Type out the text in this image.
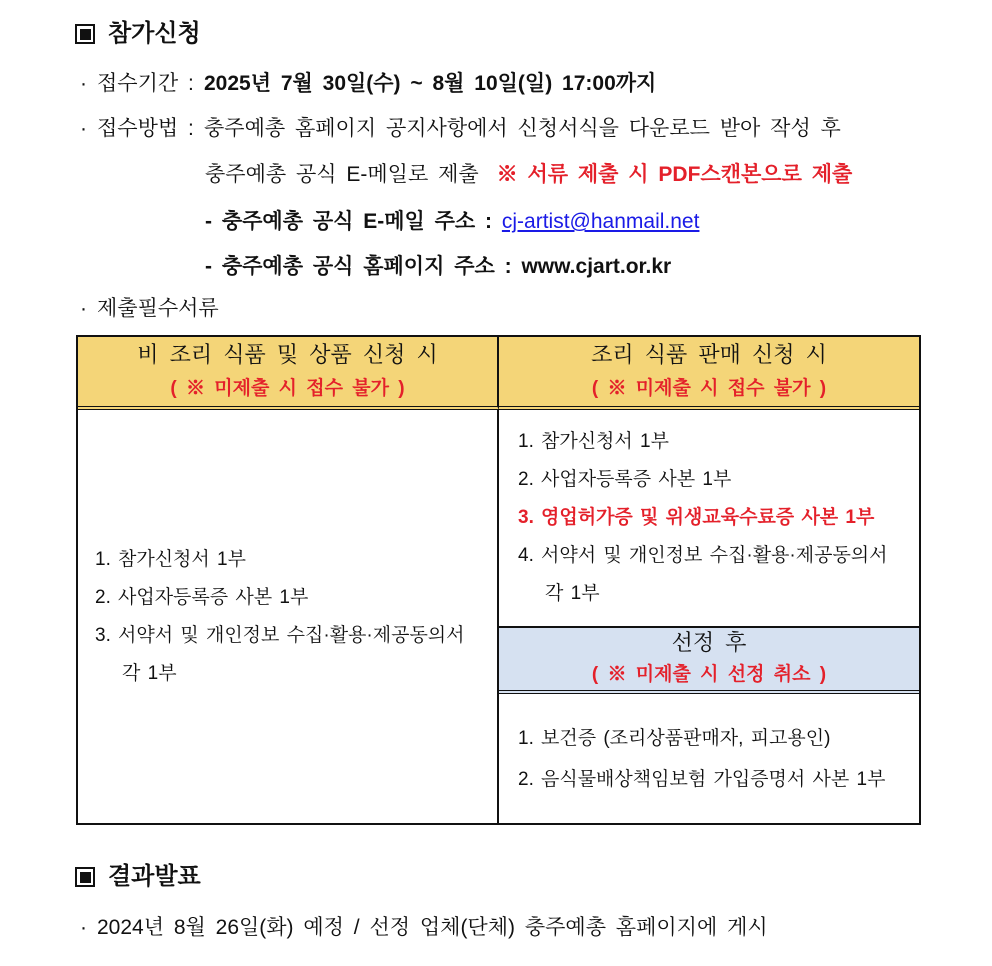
참가신청
· 접수기간 : 2025년 7월 30일(수) ~ 8월 10일(일) 17:00까지
· 접수방법 : 충주예총 홈페이지 공지사항에서 신청서식을 다운로드 받아 작성 후
충주예총 공식 E-메일로 제출 ※ 서류 제출 시 PDF스캔본으로 제출
- 충주예총 공식 E-메일 주소 : cj-artist@hanmail.net
- 충주예총 공식 홈페이지 주소 : www.cjart.or.kr
· 제출필수서류
비 조리 식품 및 상품 신청 시
( ※ 미제출 시 접수 불가 )
조리 식품 판매 신청 시
( ※ 미제출 시 접수 불가 )
1. 참가신청서 1부
2. 사업자등록증 사본 1부
3. 서약서 및 개인정보 수집·활용·제공동의서
각 1부
1. 참가신청서 1부
2. 사업자등록증 사본 1부
3. 영업허가증 및 위생교육수료증 사본 1부
4. 서약서 및 개인정보 수집·활용·제공동의서
각 1부
선정 후
( ※ 미제출 시 선정 취소 )
1. 보건증 (조리상품판매자, 피고용인)
2. 음식물배상책임보험 가입증명서 사본 1부
결과발표
· 2024년 8월 26일(화) 예정 / 선정 업체(단체) 충주예총 홈페이지에 게시
